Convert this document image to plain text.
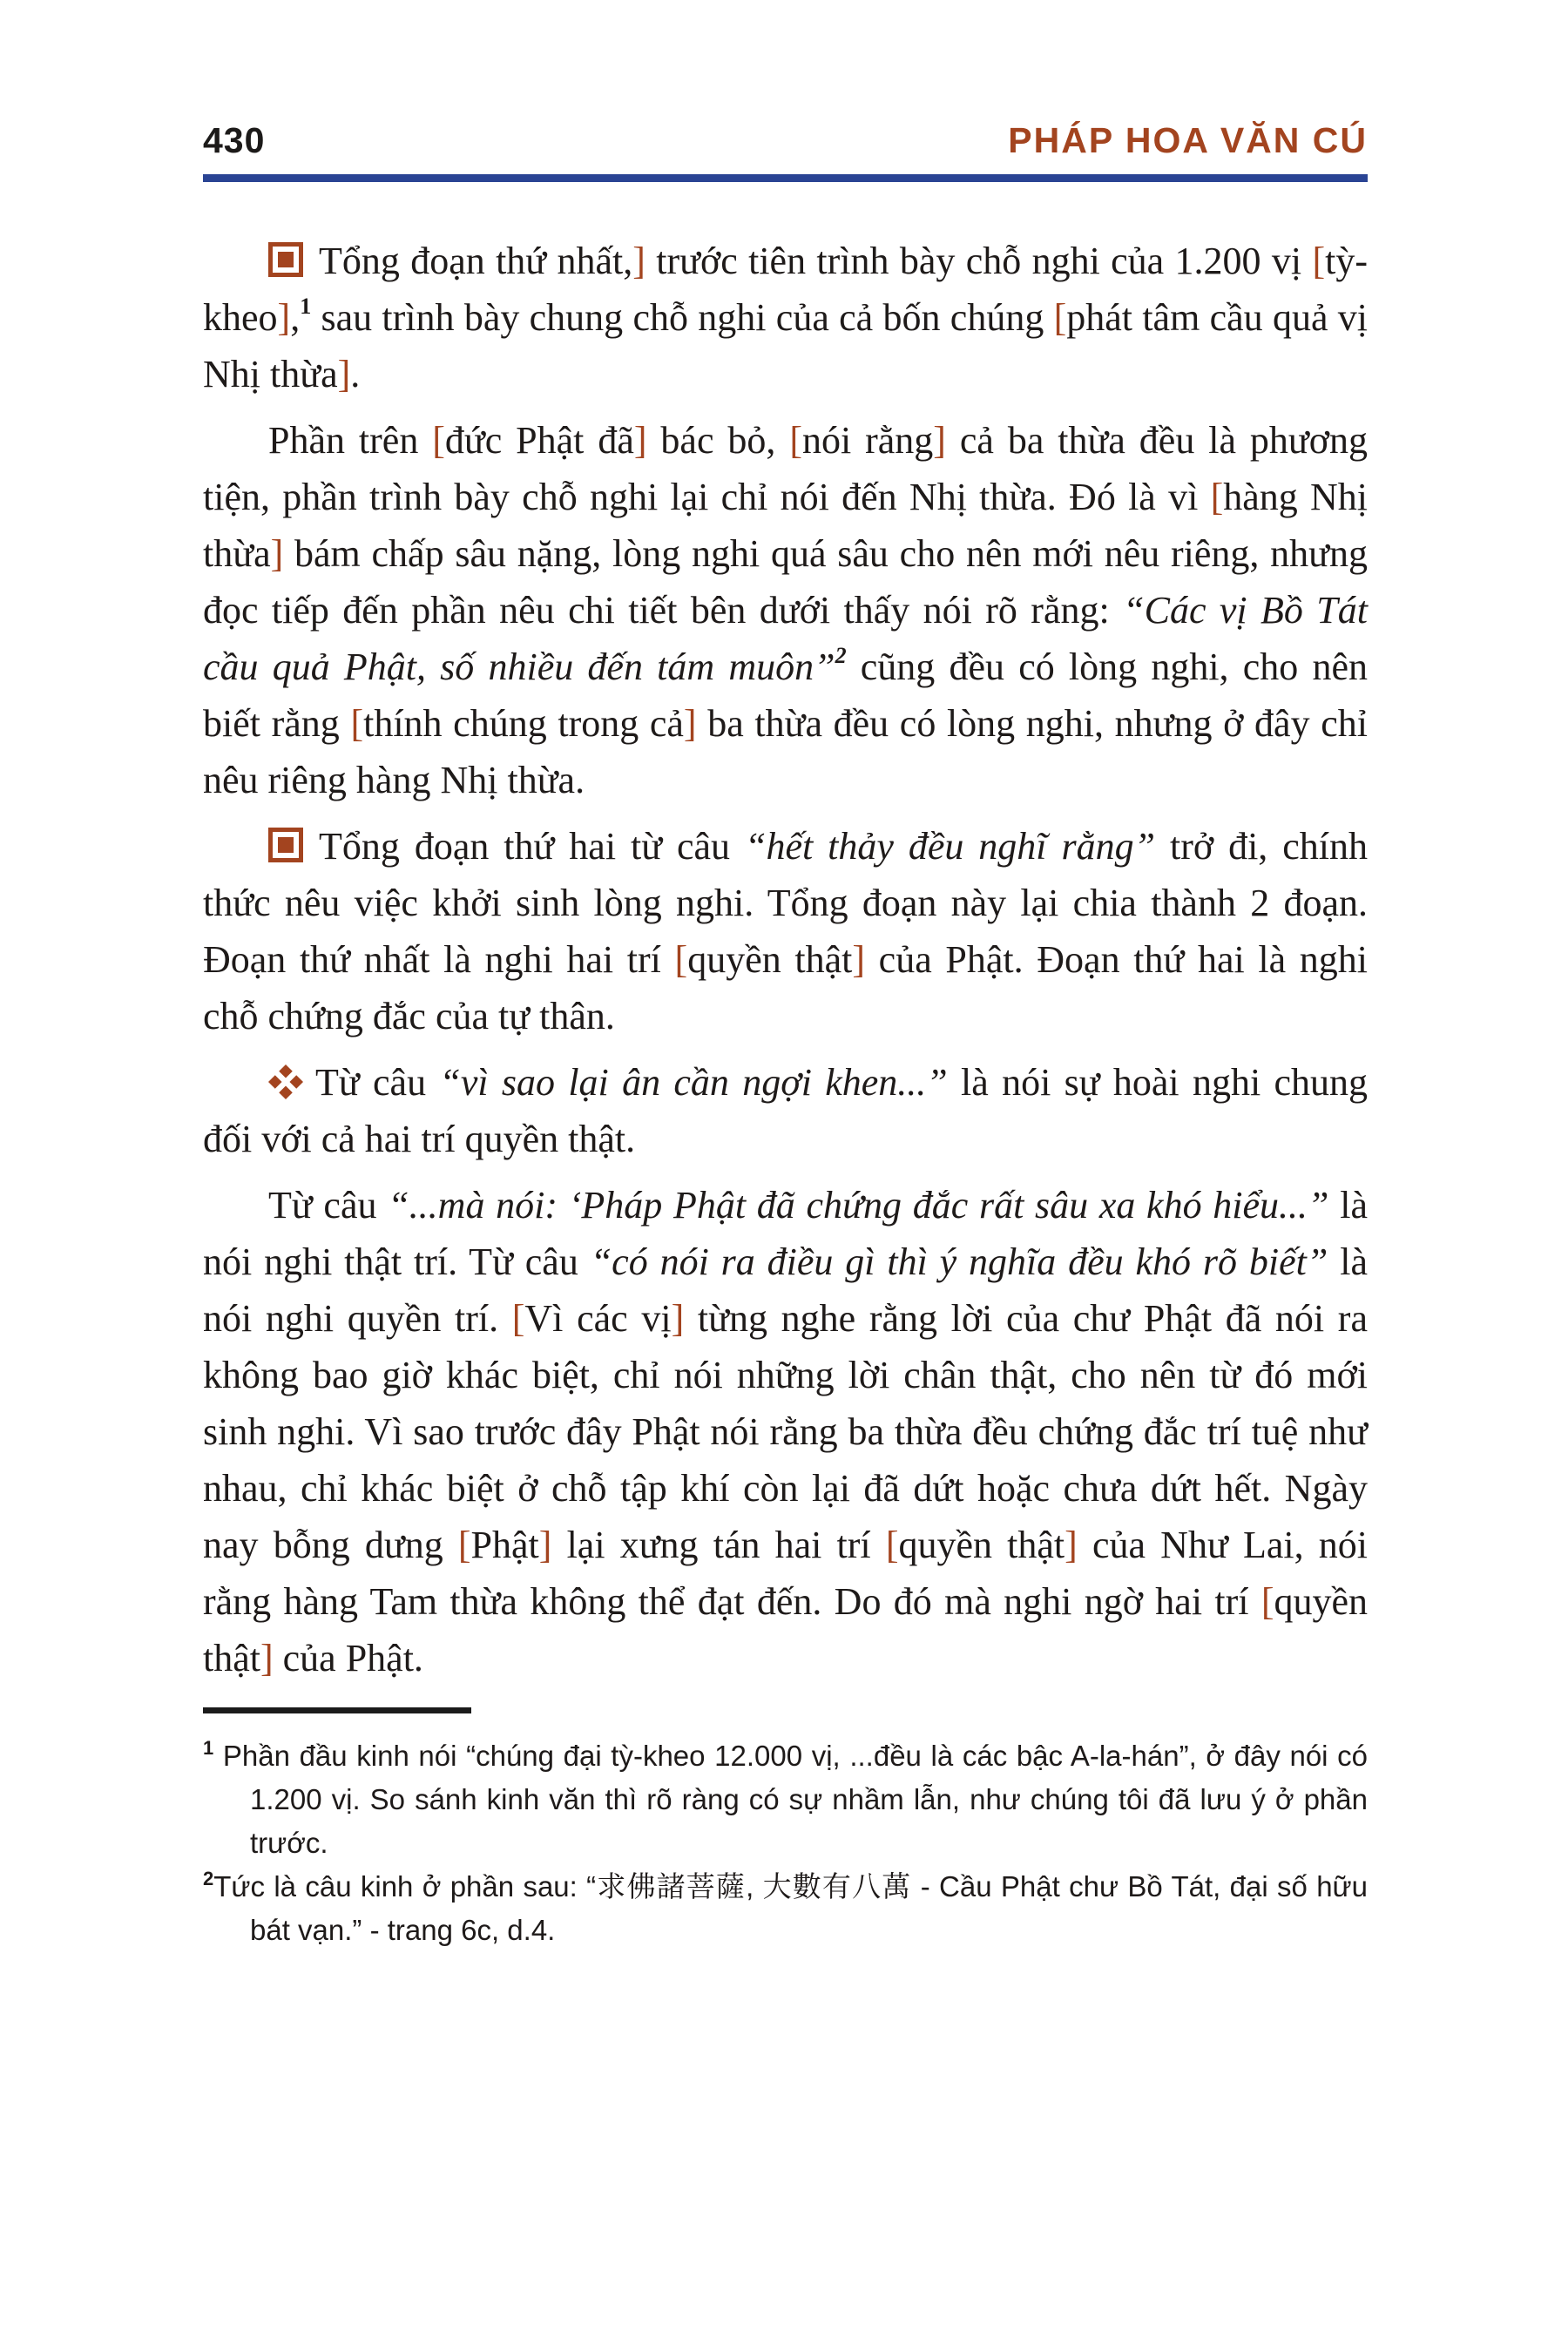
430	PHÁP HOA VĂN CÚ

Tổng đoạn thứ nhất,] trước tiên trình bày chỗ nghi của 1.200 vị [tỳ-kheo],$^1$ sau trình bày chung chỗ nghi của cả bốn chúng [phát tâm cầu quả vị Nhị thừa].

Phần trên [đức Phật đã] bác bỏ, [nói rằng] cả ba thừa đều là phương tiện, phần trình bày chỗ nghi lại chỉ nói đến Nhị thừa. Đó là vì [hàng Nhị thừa] bám chấp sâu nặng, lòng nghi quá sâu cho nên mới nêu riêng, nhưng đọc tiếp đến phần nêu chi tiết bên dưới thấy nói rõ rằng: “Các vị Bồ Tát cầu quả Phật, số nhiều đến tám muôn”$^2$ cũng đều có lòng nghi, cho nên biết rằng [thính chúng trong cả] ba thừa đều có lòng nghi, nhưng ở đây chỉ nêu riêng hàng Nhị thừa.

Tổng đoạn thứ hai từ câu “hết thảy đều nghĩ rằng” trở đi, chính thức nêu việc khởi sinh lòng nghi. Tổng đoạn này lại chia thành 2 đoạn. Đoạn thứ nhất là nghi hai trí [quyền thật] của Phật. Đoạn thứ hai là nghi chỗ chứng đắc của tự thân.

Từ câu “vì sao lại ân cần ngợi khen...” là nói sự hoài nghi chung đối với cả hai trí quyền thật.

Từ câu “...mà nói: ‘Pháp Phật đã chứng đắc rất sâu xa khó hiểu...” là nói nghi thật trí. Từ câu “có nói ra điều gì thì ý nghĩa đều khó rõ biết” là nói nghi quyền trí. [Vì các vị] từng nghe rằng lời của chư Phật đã nói ra không bao giờ khác biệt, chỉ nói những lời chân thật, cho nên từ đó mới sinh nghi. Vì sao trước đây Phật nói rằng ba thừa đều chứng đắc trí tuệ như nhau, chỉ khác biệt ở chỗ tập khí còn lại đã dứt hoặc chưa dứt hết. Ngày nay bỗng dưng [Phật] lại xưng tán hai trí [quyền thật] của Như Lai, nói rằng hàng Tam thừa không thể đạt đến. Do đó mà nghi ngờ hai trí [quyền thật] của Phật.

$^1$ Phần đầu kinh nói “chúng đại tỳ-kheo 12.000 vị, ...đều là các bậc A-la-hán”, ở đây nói có 1.200 vị. So sánh kinh văn thì rõ ràng có sự nhầm lẫn, như chúng tôi đã lưu ý ở phần trước.

$^2$Tức là câu kinh ở phần sau: “求佛諸菩薩, 大數有八萬 - Cầu Phật chư Bồ Tát, đại số hữu bát vạn.” - trang 6c, d.4.
